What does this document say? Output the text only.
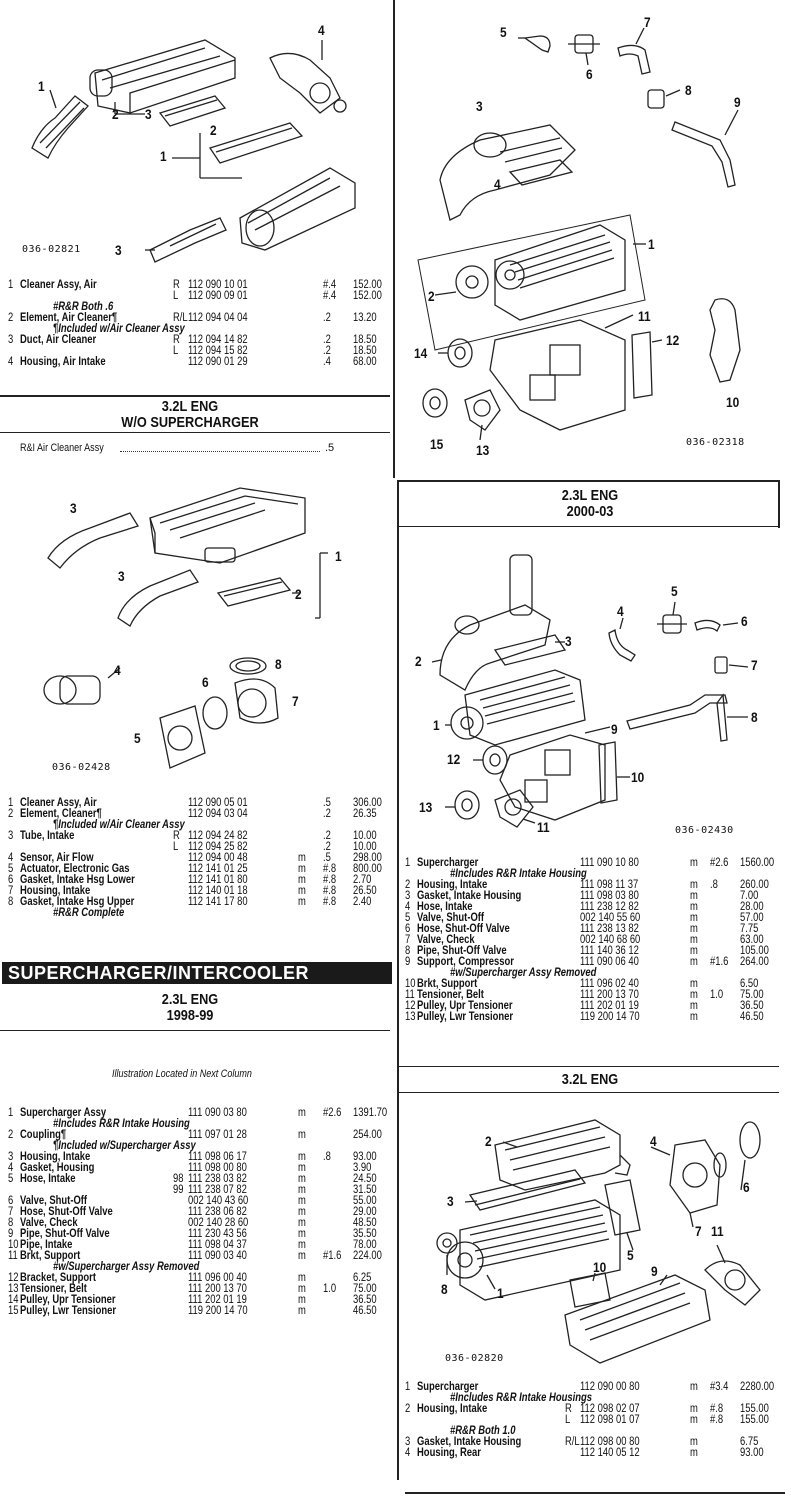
1
2 3
4
2
1
3
036-02821
1 Cleaner Assy, Air	R 112 090 10 01	#.4 152.00
L 112 090 09 01	#.4 152.00
#R&R Both .6
2 Element, Air Cleaner¶	R/L 112 094 04 04	.2 13.20
¶Included w/Air Cleaner Assy
3 Duct, Air Cleaner	R 112 094 14 82	.2 18.50
L 112 094 15 82	.2 18.50
4 Housing, Air Intake	112 090 01 29	.4 68.00
3.2L ENG
W/O SUPERCHARGER
R&I Air Cleaner Assy	.5
3
1
3
2
4	8
6
7
5
036-02428
1 Cleaner Assy, Air	112 090 05 01	.5 306.00
2 Element, Cleaner¶	112 094 03 04	.2 26.35
¶Included w/Air Cleaner Assy
3 Tube, Intake	R 112 094 24 82	.2 10.00
L 112 094 25 82	.2 10.00
4 Sensor, Air Flow	112 094 00 48	m .5 298.00
5 Actuator, Electronic Gas	112 141 01 25	m #.8 800.00
6 Gasket, Intake Hsg Lower	112 141 01 80	m #.8 2.70
7 Housing, Intake	112 140 01 18	m #.8 26.50
8 Gasket, Intake Hsg Upper	112 141 17 80	m #.8 2.40
#R&R Complete
SUPERCHARGER/INTERCOOLER
2.3L ENG
1998-99
Illustration Located in Next Column
1 Supercharger Assy	111 090 03 80	m #2.6 1391.70
#Includes R&R Intake Housing
2 Coupling¶	111 097 01 28	m	254.00
¶Included w/Supercharger Assy
3 Housing, Intake	111 098 06 17	m .8 93.00
4 Gasket, Housing	111 098 00 80	m	3.90
5 Hose, Intake	98 111 238 03 82	m	24.50
99 111 238 07 82	m	31.50
6 Valve, Shut-Off	002 140 43 60	m	55.00
7 Hose, Shut-Off Valve	111 238 06 82	m	29.00
8 Valve, Check	002 140 28 60	m	48.50
9 Pipe, Shut-Off Valve	111 230 43 56	m	35.50
10 Pipe, Intake	111 098 04 37	m	78.00
11 Brkt, Support	111 090 03 40	m #1.6 224.00
#w/Supercharger Assy Removed
12 Bracket, Support	111 096 00 40	m	6.25
13 Tensioner, Belt	111 200 13 70	m 1.0 75.00
14 Pulley, Upr Tensioner	111 202 01 19	m	36.50
15 Pulley, Lwr Tensioner	119 200 14 70	m	46.50
5
7
6
8
9
3
4
1
2
11
12
14
10
15 13	036-02318
2.3L ENG
2000-03
2
4
5
6
3
7
1	9
8
12
10
13
11	036-02430
1 Supercharger	111 090 10 80	m #2.6 1560.00
#Includes R&R Intake Housing
2 Housing, Intake	111 098 11 37	m .8 260.00
3 Gasket, Intake Housing	111 098 03 80	m	7.00
4 Hose, Intake	111 238 12 82	m	28.00
5 Valve, Shut-Off	002 140 55 60	m	57.00
6 Hose, Shut-Off Valve	111 238 13 82	m	7.75
7 Valve, Check	002 140 68 60	m	63.00
8 Pipe, Shut-Off Valve	111 140 36 12	m	105.00
9 Support, Compressor	111 090 06 40	m #1.6 264.00
#w/Supercharger Assy Removed
10 Brkt, Support	111 096 02 40	m	6.50
11 Tensioner, Belt	111 200 13 70	m 1.0 75.00
12 Pulley, Upr Tensioner	111 202 01 19	m	36.50
13 Pulley, Lwr Tensioner	119 200 14 70	m	46.50
3.2L ENG
2	4
6
3
7
5
11
8	1
10	9
036-02820
1 Supercharger	112 090 00 80	m #3.4 2280.00
#Includes R&R Intake Housings
2 Housing, Intake	R 112 098 02 07	m #.8 155.00
L 112 098 01 07	m #.8 155.00
#R&R Both 1.0
3 Gasket, Intake Housing	R/L 112 098 00 80	m	6.75
4 Housing, Rear	112 140 05 12	m	93.00
